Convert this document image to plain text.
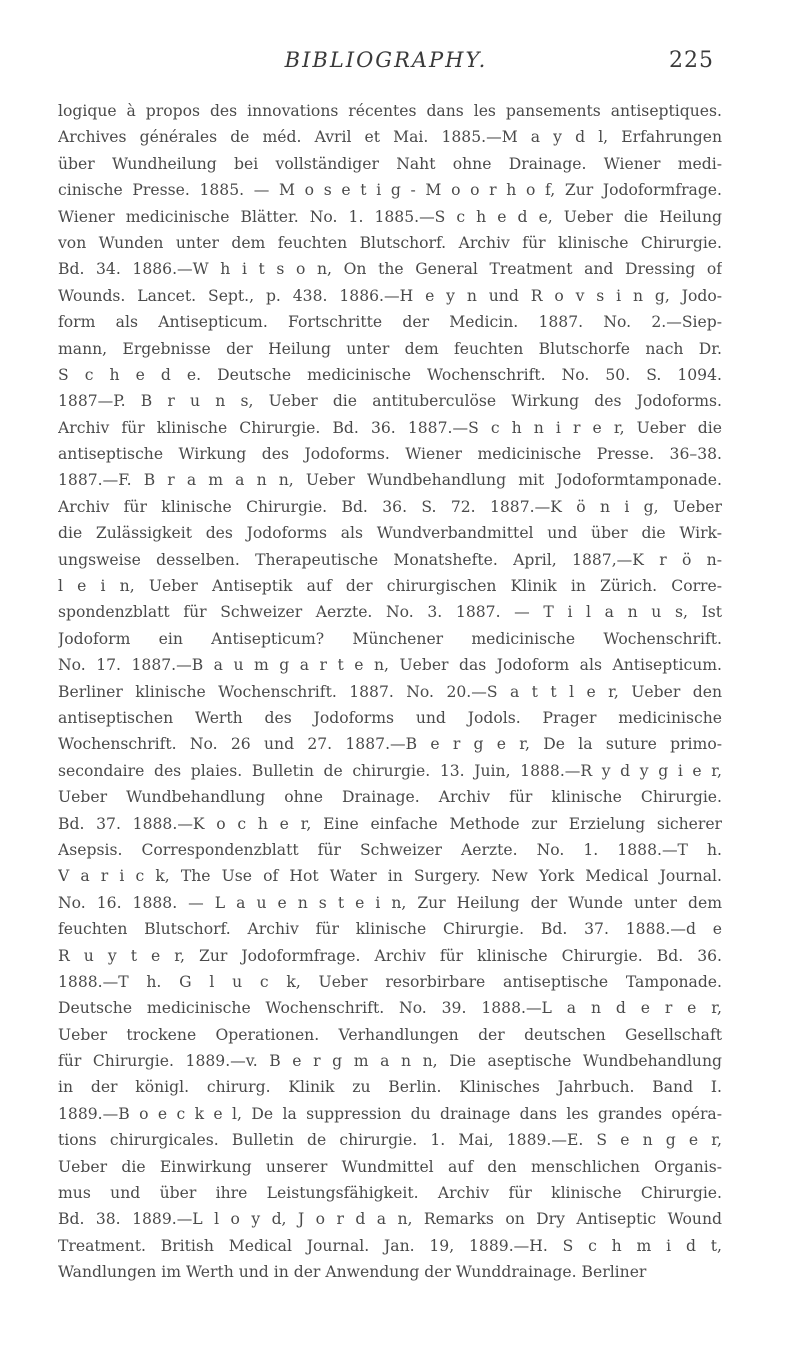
BIBLIOGRAPHY.	225
logique à propos des innovations récentes dans les pansements antiseptiques.
Archives générales de méd. Avril et Mai. 1885.—M a y d l, Erfahrungen
über Wundheilung bei vollständiger Naht ohne Drainage. Wiener medi-
cinische Presse. 1885. — M o s e t i g - M o o r h o f, Zur Jodoformfrage.
Wiener medicinische Blätter. No. 1. 1885.—S c h e d e, Ueber die Heilung
von Wunden unter dem feuchten Blutschorf. Archiv für klinische Chirurgie.
Bd. 34. 1886.—W h i t s o n, On the General Treatment and Dressing of
Wounds. Lancet. Sept., p. 438. 1886.—H e y n und R o v s i n g, Jodo-
form als Antisepticum. Fortschritte der Medicin. 1887. No. 2.—Siep-
mann, Ergebnisse der Heilung unter dem feuchten Blutschorfe nach Dr.
S c h e d e. Deutsche medicinische Wochenschrift. No. 50. S. 1094.
1887—P. B r u n s, Ueber die antituberculöse Wirkung des Jodoforms.
Archiv für klinische Chirurgie. Bd. 36. 1887.—S c h n i r e r, Ueber die
antiseptische Wirkung des Jodoforms. Wiener medicinische Presse. 36–38.
1887.—F. B r a m a n n, Ueber Wundbehandlung mit Jodoformtamponade.
Archiv für klinische Chirurgie. Bd. 36. S. 72. 1887.—K ö n i g, Ueber
die Zulässigkeit des Jodoforms als Wundverbandmittel und über die Wirk-
ungsweise desselben. Therapeutische Monatshefte. April, 1887,—K r ö n-
l e i n, Ueber Antiseptik auf der chirurgischen Klinik in Zürich. Corre-
spondenzblatt für Schweizer Aerzte. No. 3. 1887. — T i l a n u s, Ist
Jodoform ein Antisepticum? Münchener medicinische Wochenschrift.
No. 17. 1887.—B a u m g a r t e n, Ueber das Jodoform als Antisepticum.
Berliner klinische Wochenschrift. 1887. No. 20.—S a t t l e r, Ueber den
antiseptischen Werth des Jodoforms und Jodols. Prager medicinische
Wochenschrift. No. 26 und 27. 1887.—B e r g e r, De la suture primo-
secondaire des plaies. Bulletin de chirurgie. 13. Juin, 1888.—R y d y g i e r,
Ueber Wundbehandlung ohne Drainage. Archiv für klinische Chirurgie.
Bd. 37. 1888.—K o c h e r, Eine einfache Methode zur Erzielung sicherer
Asepsis. Correspondenzblatt für Schweizer Aerzte. No. 1. 1888.—T h.
V a r i c k, The Use of Hot Water in Surgery. New York Medical Journal.
No. 16. 1888. — L a u e n s t e i n, Zur Heilung der Wunde unter dem
feuchten Blutschorf. Archiv für klinische Chirurgie. Bd. 37. 1888.—d e
R u y t e r, Zur Jodoformfrage. Archiv für klinische Chirurgie. Bd. 36.
1888.—T h. G l u c k, Ueber resorbirbare antiseptische Tamponade.
Deutsche medicinische Wochenschrift. No. 39. 1888.—L a n d e r e r,
Ueber trockene Operationen. Verhandlungen der deutschen Gesellschaft
für Chirurgie. 1889.—v. B e r g m a n n, Die aseptische Wundbehandlung
in der königl. chirurg. Klinik zu Berlin. Klinisches Jahrbuch. Band I.
1889.—B o e c k e l, De la suppression du drainage dans les grandes opéra-
tions chirurgicales. Bulletin de chirurgie. 1. Mai, 1889.—E. S e n g e r,
Ueber die Einwirkung unserer Wundmittel auf den menschlichen Organis-
mus und über ihre Leistungsfähigkeit. Archiv für klinische Chirurgie.
Bd. 38. 1889.—L l o y d, J o r d a n, Remarks on Dry Antiseptic Wound
Treatment. British Medical Journal. Jan. 19, 1889.—H. S c h m i d t,
Wandlungen im Werth und in der Anwendung der Wunddrainage. Berliner
